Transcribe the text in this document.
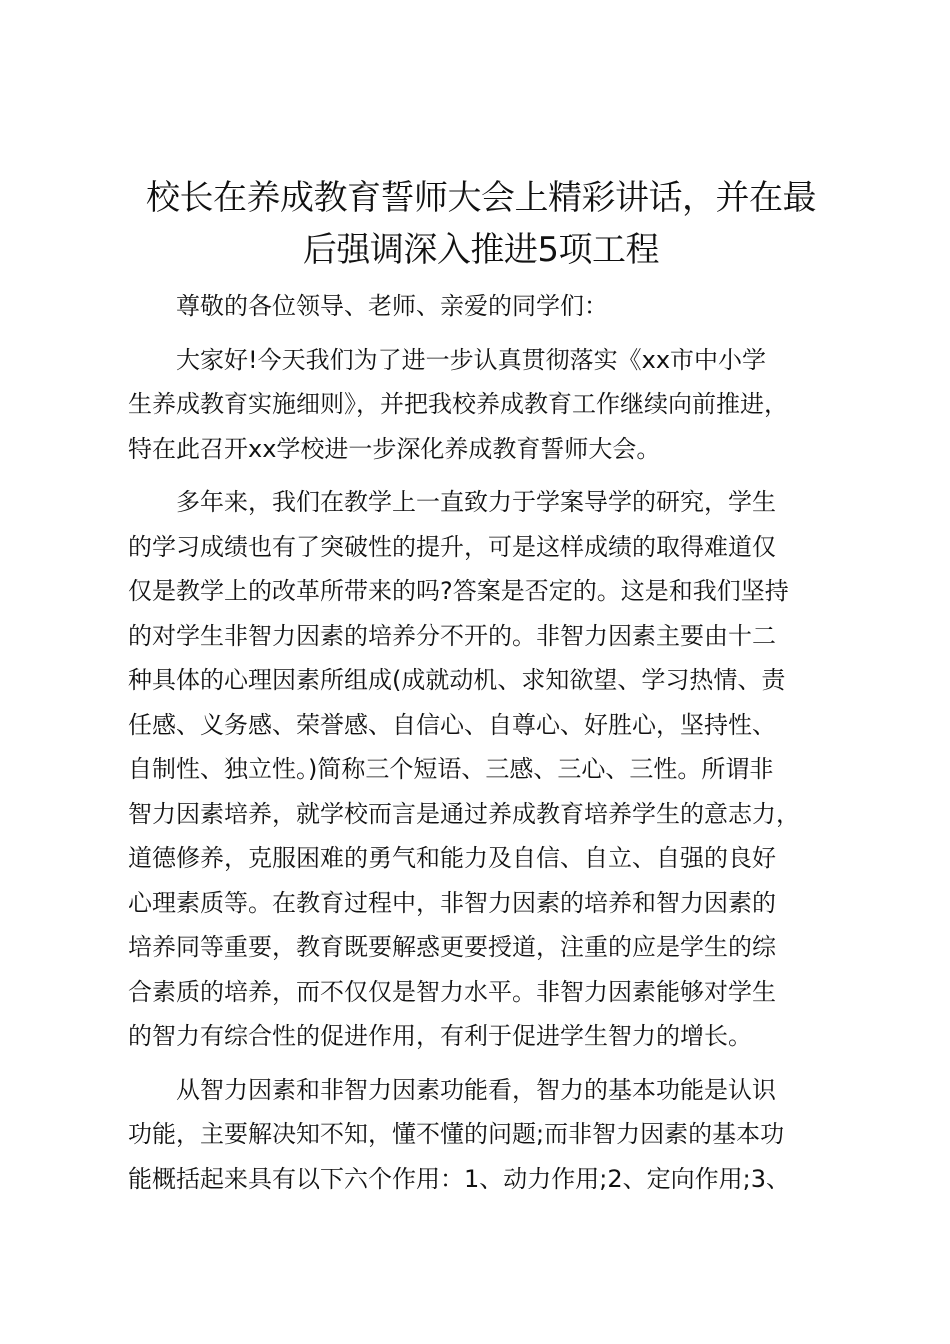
校长在养成教育誓师大会上精彩讲话，并在最
后强调深入推进5项工程

尊敬的各位领导、老师、亲爱的同学们：

大家好!今天我们为了进一步认真贯彻落实《xx市中小学
生养成教育实施细则》，并把我校养成教育工作继续向前推进，
特在此召开xx学校进一步深化养成教育誓师大会。

多年来，我们在教学上一直致力于学案导学的研究，学生
的学习成绩也有了突破性的提升，可是这样成绩的取得难道仅
仅是教学上的改革所带来的吗?答案是否定的。这是和我们坚持
的对学生非智力因素的培养分不开的。非智力因素主要由十二
种具体的心理因素所组成(成就动机、求知欲望、学习热情、责
任感、义务感、荣誉感、自信心、自尊心、好胜心，坚持性、
自制性、独立性。)简称三个短语、三感、三心、三性。所谓非
智力因素培养，就学校而言是通过养成教育培养学生的意志力，
道德修养，克服困难的勇气和能力及自信、自立、自强的良好
心理素质等。在教育过程中，非智力因素的培养和智力因素的
培养同等重要，教育既要解惑更要授道，注重的应是学生的综
合素质的培养，而不仅仅是智力水平。非智力因素能够对学生
的智力有综合性的促进作用，有利于促进学生智力的增长。

从智力因素和非智力因素功能看，智力的基本功能是认识
功能，主要解决知不知，懂不懂的问题;而非智力因素的基本功
能概括起来具有以下六个作用：1、动力作用;2、定向作用;3、
